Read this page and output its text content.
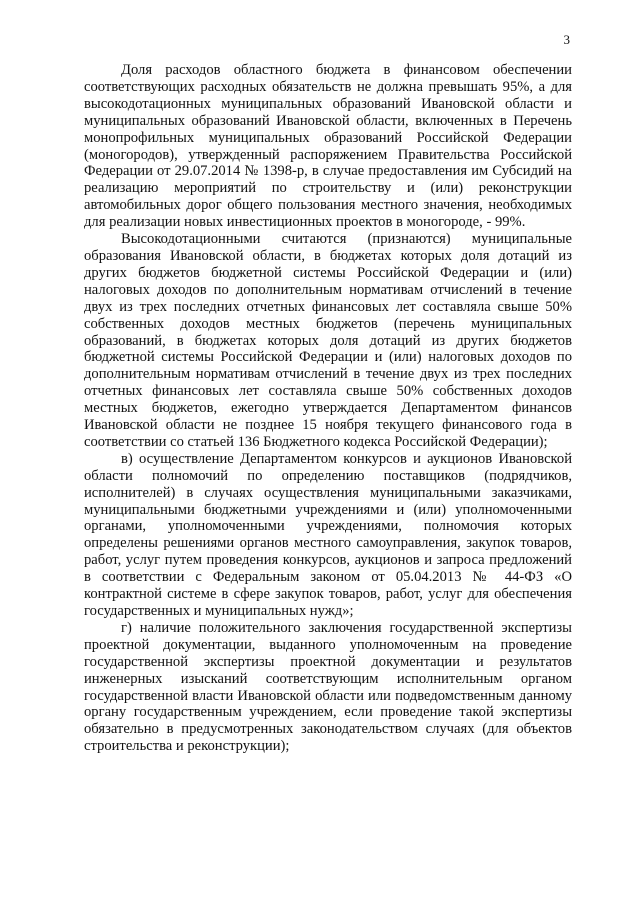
3

Доля расходов областного бюджета в финансовом обеспечении соответствующих расходных обязательств не должна превышать 95%, а для высокодотационных муниципальных образований Ивановской области и муниципальных образований Ивановской области, включенных в Перечень монопрофильных муниципальных образований Российской Федерации (моногородов), утвержденный распоряжением Правительства Российской Федерации от 29.07.2014 № 1398-р, в случае предоставления им Субсидий на реализацию мероприятий по строительству и (или) реконструкции автомобильных дорог общего пользования местного значения, необходимых для реализации новых инвестиционных проектов в моногороде, - 99%.

Высокодотационными считаются (признаются) муниципальные образования Ивановской области, в бюджетах которых доля дотаций из других бюджетов бюджетной системы Российской Федерации и (или) налоговых доходов по дополнительным нормативам отчислений в течение двух из трех последних отчетных финансовых лет составляла свыше 50% собственных доходов местных бюджетов (перечень муниципальных образований, в бюджетах которых доля дотаций из других бюджетов бюджетной системы Российской Федерации и (или) налоговых доходов по дополнительным нормативам отчислений в течение двух из трех последних отчетных финансовых лет составляла свыше 50% собственных доходов местных бюджетов, ежегодно утверждается Департаментом финансов Ивановской области не позднее 15 ноября текущего финансового года в соответствии со статьей 136 Бюджетного кодекса Российской Федерации);

в) осуществление Департаментом конкурсов и аукционов Ивановской области полномочий по определению поставщиков (подрядчиков, исполнителей) в случаях осуществления муниципальными заказчиками, муниципальными бюджетными учреждениями и (или) уполномоченными органами, уполномоченными учреждениями, полномочия которых определены решениями органов местного самоуправления, закупок товаров, работ, услуг путем проведения конкурсов, аукционов и запроса предложений в соответствии с Федеральным законом от 05.04.2013 № 44-ФЗ «О контрактной системе в сфере закупок товаров, работ, услуг для обеспечения государственных и муниципальных нужд»;

г) наличие положительного заключения государственной экспертизы проектной документации, выданного уполномоченным на проведение государственной экспертизы проектной документации и результатов инженерных изысканий соответствующим исполнительным органом государственной власти Ивановской области или подведомственным данному органу государственным учреждением, если проведение такой экспертизы обязательно в предусмотренных законодательством случаях (для объектов строительства и реконструкции);
